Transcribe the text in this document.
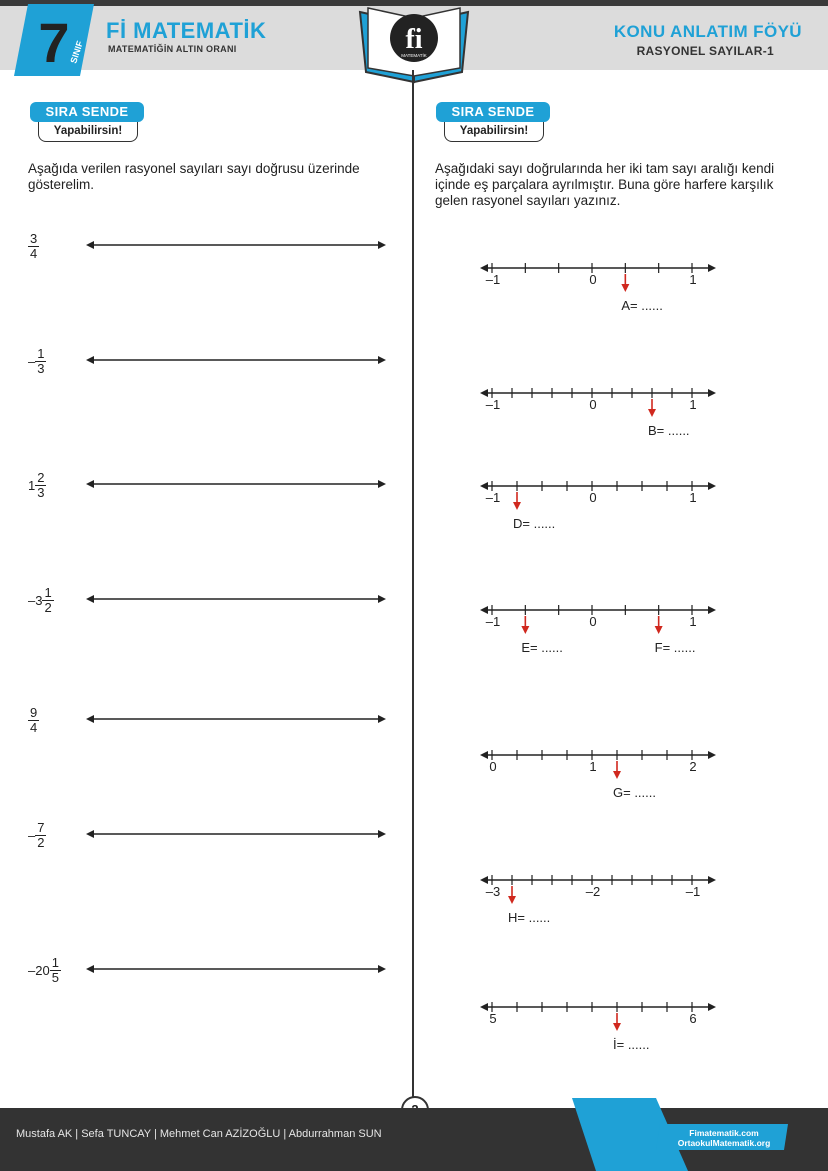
7
SINIF
Fİ MATEMATİK
MATEMATİĞİN ALTIN ORANI	fi
MATEMATİK
KONU ANLATIM FÖYÜ
RASYONEL SAYILAR-1
SIRA SENDE
Yapabilirsin!
Aşağıda verilen rasyonel sayıları sayı doğrusu üzerinde gösterelim.
$\frac{3}{4}$
– $\frac{1}{3}$
$1 \frac{2}{3}$
$-3 \frac{1}{2}$
$\frac{9}{4}$
– $\frac{7}{2}$
$-20 \frac{1}{5}$
SIRA SENDE
Yapabilirsin!
Aşağıdaki sayı doğrularında her iki tam sayı aralığı kendi içinde eş parçalara ayrılmıştır. Buna göre harfere karşılık gelen rasyonel sayıları yazınız.
–1	0	1
A= ......
–1	0	1
B= ......
–1	0	1
D= ......
–1	0	1
E= ......	F= ......
0	1	2
G= ......
–3	–2	–1
H= ......
5	6
İ= ......
Mustafa AK | Sefa TUNCAY | Mehmet Can AZİZOĞLU | Abdurrahman SUN	Fimatematik.com
OrtaokulMatematik.org
